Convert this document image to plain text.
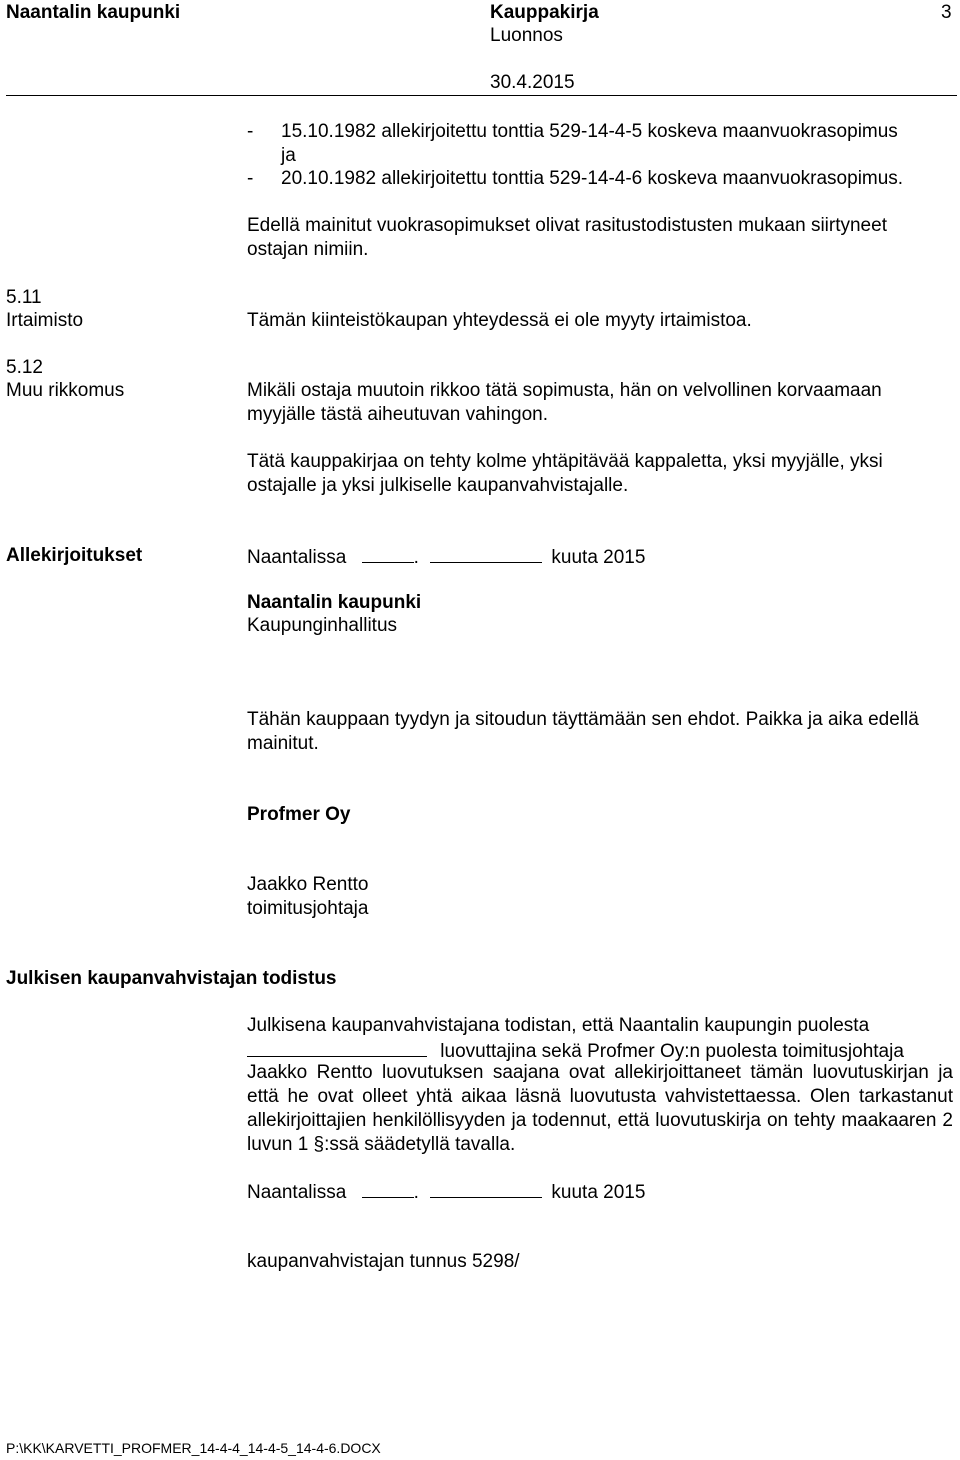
Naantalin kaupunki	Kauppakirja
Luonnos
30.4.2015
3
- 15.10.1982 allekirjoitettu tonttia 529-14-4-5 koskeva maanvuokrasopimus
ja
- 20.10.1982 allekirjoitettu tonttia 529-14-4-6 koskeva maanvuokrasopimus.
Edellä mainitut vuokrasopimukset olivat rasitustodistusten mukaan siirtyneet ostajan nimiin.
5.11
Irtaimisto	Tämän kiinteistökaupan yhteydessä ei ole myyty irtaimistoa.
5.12
Muu rikkomus	Mikäli ostaja muutoin rikkoo tätä sopimusta, hän on velvollinen korvaamaan myyjälle tästä aiheutuvan vahingon.
Tätä kauppakirjaa on tehty kolme yhtäpitävää kappaletta, yksi myyjälle, yksi ostajalle ja yksi julkiselle kaupanvahvistajalle.
Allekirjoitukset	Naantalissa	.	kuuta 2015
Naantalin kaupunki
Kaupunginhallitus
Tähän kauppaan tyydyn ja sitoudun täyttämään sen ehdot. Paikka ja aika edellä mainitut.
Profmer Oy
Jaakko Rentto
toimitusjohtaja
Julkisen kaupanvahvistajan todistus
Julkisena kaupanvahvistajana todistan, että Naantalin kaupungin puolesta
luovuttajina sekä Profmer Oy:n puolesta toimitusjohtaja
Jaakko Rentto luovutuksen saajana ovat allekirjoittaneet tämän luovutuskirjan ja että he ovat olleet yhtä aikaa läsnä luovutusta vahvistettaessa. Olen tarkastanut allekirjoittajien henkilöllisyyden ja todennut, että luovutuskirja on tehty maakaaren 2 luvun 1 §:ssä säädetyllä tavalla.
Naantalissa	.	kuuta 2015
kaupanvahvistajan tunnus 5298/
P:\KK\KARVETTI_PROFMER_14-4-4_14-4-5_14-4-6.DOCX
